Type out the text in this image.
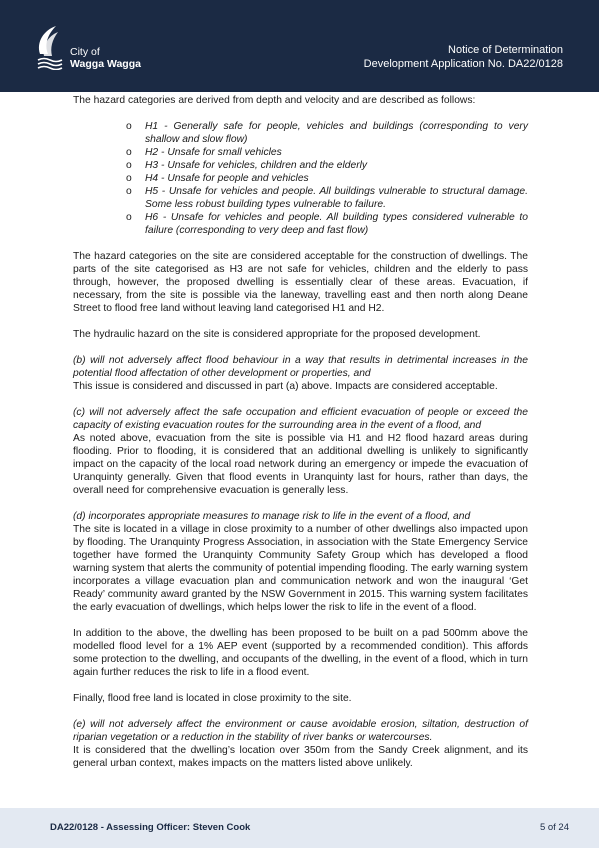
City of
Wagga Wagga
Notice of Determination
Development Application No. DA22/0128

The hazard categories are derived from depth and velocity and are described as follows:

o H1 - Generally safe for people, vehicles and buildings (corresponding to very shallow and slow flow)
o H2 - Unsafe for small vehicles
o H3 - Unsafe for vehicles, children and the elderly
o H4 - Unsafe for people and vehicles
o H5 - Unsafe for vehicles and people. All buildings vulnerable to structural damage. Some less robust building types vulnerable to failure.
o H6 - Unsafe for vehicles and people. All building types considered vulnerable to failure (corresponding to very deep and fast flow)

The hazard categories on the site are considered acceptable for the construction of dwellings. The parts of the site categorised as H3 are not safe for vehicles, children and the elderly to pass through, however, the proposed dwelling is essentially clear of these areas. Evacuation, if necessary, from the site is possible via the laneway, travelling east and then north along Deane Street to flood free land without leaving land categorised H1 and H2.

The hydraulic hazard on the site is considered appropriate for the proposed development.

(b) will not adversely affect flood behaviour in a way that results in detrimental increases in the potential flood affectation of other development or properties, and

This issue is considered and discussed in part (a) above. Impacts are considered acceptable.

(c) will not adversely affect the safe occupation and efficient evacuation of people or exceed the capacity of existing evacuation routes for the surrounding area in the event of a flood, and

As noted above, evacuation from the site is possible via H1 and H2 flood hazard areas during flooding. Prior to flooding, it is considered that an additional dwelling is unlikely to significantly impact on the capacity of the local road network during an emergency or impede the evacuation of Uranquinty generally. Given that flood events in Uranquinty last for hours, rather than days, the overall need for comprehensive evacuation is generally less.

(d) incorporates appropriate measures to manage risk to life in the event of a flood, and

The site is located in a village in close proximity to a number of other dwellings also impacted upon by flooding. The Uranquinty Progress Association, in association with the State Emergency Service together have formed the Uranquinty Community Safety Group which has developed a flood warning system that alerts the community of potential impending flooding. The early warning system incorporates a village evacuation plan and communication network and won the inaugural ‘Get Ready’ community award granted by the NSW Government in 2015. This warning system facilitates the early evacuation of dwellings, which helps lower the risk to life in the event of a flood.

In addition to the above, the dwelling has been proposed to be built on a pad 500mm above the modelled flood level for a 1% AEP event (supported by a recommended condition). This affords some protection to the dwelling, and occupants of the dwelling, in the event of a flood, which in turn again further reduces the risk to life in a flood event.

Finally, flood free land is located in close proximity to the site.

(e) will not adversely affect the environment or cause avoidable erosion, siltation, destruction of riparian vegetation or a reduction in the stability of river banks or watercourses.

It is considered that the dwelling’s location over 350m from the Sandy Creek alignment, and its general urban context, makes impacts on the matters listed above unlikely.

DA22/0128 - Assessing Officer: Steven Cook	5 of 24
